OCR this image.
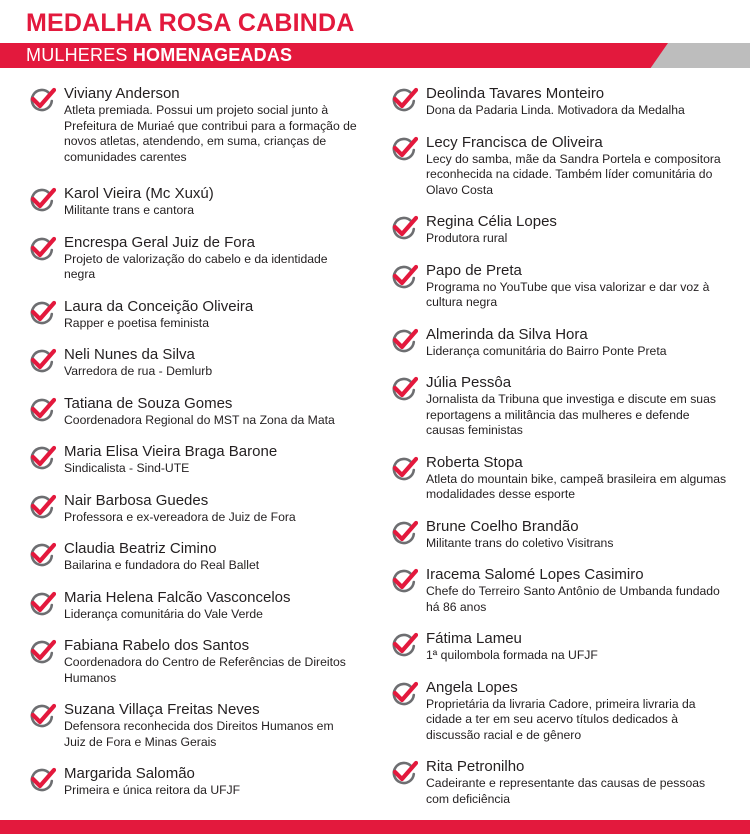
MEDALHA ROSA CABINDA
MULHERES HOMENAGEADAS
Viviany Anderson
Atleta premiada. Possui um projeto social junto à Prefeitura de Muriaé que contribui para a formação de novos atletas, atendendo, em suma, crianças de comunidades carentes
Karol Vieira (Mc Xuxú)
Militante trans e cantora
Encrespa Geral Juiz de Fora
Projeto de valorização do cabelo e da identidade negra
Laura da Conceição Oliveira
Rapper e poetisa feminista
Neli Nunes da Silva
Varredora de rua - Demlurb
Tatiana de Souza Gomes
Coordenadora Regional do MST na Zona da Mata
Maria Elisa Vieira Braga Barone
Sindicalista - Sind-UTE
Nair Barbosa Guedes
Professora e ex-vereadora de Juiz de Fora
Claudia Beatriz Cimino
Bailarina e fundadora do Real Ballet
Maria Helena Falcão Vasconcelos
Liderança comunitária do Vale Verde
Fabiana Rabelo dos Santos
Coordenadora do Centro de Referências de Direitos Humanos
Suzana Villaça Freitas Neves
Defensora reconhecida dos Direitos Humanos em Juiz de Fora e Minas Gerais
Margarida Salomão
Primeira e única reitora da UFJF
Deolinda Tavares Monteiro
Dona da Padaria Linda. Motivadora da Medalha
Lecy Francisca de Oliveira
Lecy do samba, mãe da Sandra Portela e compositora reconhecida na cidade. Também líder comunitária do Olavo Costa
Regina Célia Lopes
Produtora rural
Papo de Preta
Programa no YouTube que visa valorizar e dar voz à cultura negra
Almerinda da Silva Hora
Liderança comunitária do Bairro Ponte Preta
Júlia Pessôa
Jornalista da Tribuna que investiga e discute em suas reportagens a militância das mulheres e defende causas feministas
Roberta Stopa
Atleta do mountain bike, campeã brasileira em algumas modalidades desse esporte
Brune Coelho Brandão
Militante trans do coletivo Visitrans
Iracema Salomé Lopes Casimiro
Chefe do Terreiro Santo Antônio de Umbanda fundado há 86 anos
Fátima Lameu
1ª quilombola formada na UFJF
Angela Lopes
Proprietária da livraria Cadore, primeira livraria da cidade a ter em seu acervo títulos dedicados à discussão racial e de gênero
Rita Petronilho
Cadeirante e representante das causas de pessoas com deficiência
